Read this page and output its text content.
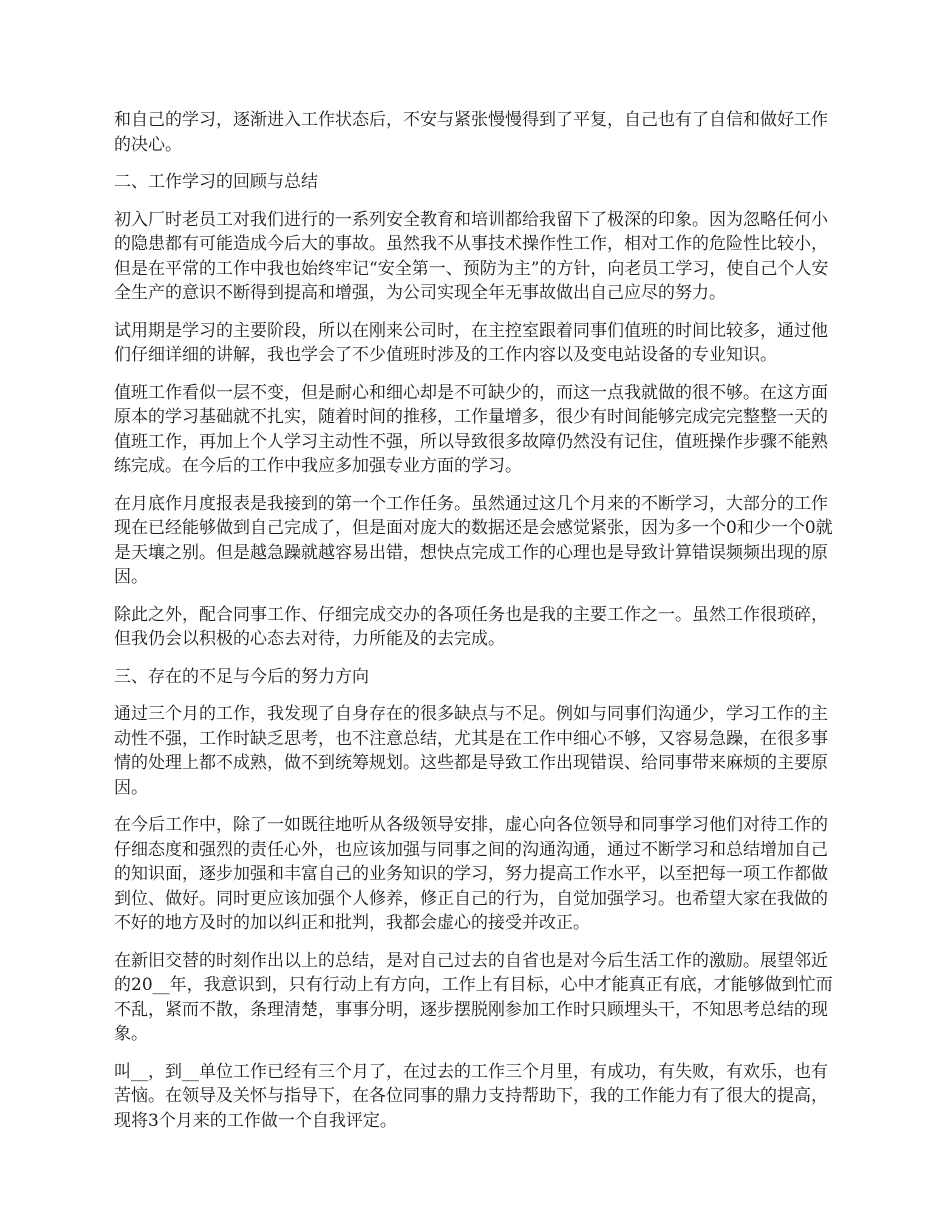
和自己的学习，逐渐进入工作状态后，不安与紧张慢慢得到了平复，自己也有了自信和做好工作的决心。

二、工作学习的回顾与总结

初入厂时老员工对我们进行的一系列安全教育和培训都给我留下了极深的印象。因为忽略任何小的隐患都有可能造成今后大的事故。虽然我不从事技术操作性工作，相对工作的危险性比较小，但是在平常的工作中我也始终牢记“安全第一、预防为主”的方针，向老员工学习，使自己个人安全生产的意识不断得到提高和增强，为公司实现全年无事故做出自己应尽的努力。

试用期是学习的主要阶段，所以在刚来公司时，在主控室跟着同事们值班的时间比较多，通过他们仔细详细的讲解，我也学会了不少值班时涉及的工作内容以及变电站设备的专业知识。

值班工作看似一层不变，但是耐心和细心却是不可缺少的，而这一点我就做的很不够。在这方面原本的学习基础就不扎实，随着时间的推移，工作量增多，很少有时间能够完成完完整整一天的值班工作，再加上个人学习主动性不强，所以导致很多故障仍然没有记住，值班操作步骤不能熟练完成。在今后的工作中我应多加强专业方面的学习。

在月底作月度报表是我接到的第一个工作任务。虽然通过这几个月来的不断学习，大部分的工作现在已经能够做到自己完成了，但是面对庞大的数据还是会感觉紧张，因为多一个0和少一个0就是天壤之别。但是越急躁就越容易出错，想快点完成工作的心理也是导致计算错误频频出现的原因。

除此之外，配合同事工作、仔细完成交办的各项任务也是我的主要工作之一。虽然工作很琐碎，但我仍会以积极的心态去对待，力所能及的去完成。

三、存在的不足与今后的努力方向

通过三个月的工作，我发现了自身存在的很多缺点与不足。例如与同事们沟通少，学习工作的主动性不强，工作时缺乏思考，也不注意总结，尤其是在工作中细心不够，又容易急躁，在很多事情的处理上都不成熟，做不到统筹规划。这些都是导致工作出现错误、给同事带来麻烦的主要原因。

在今后工作中，除了一如既往地听从各级领导安排，虚心向各位领导和同事学习他们对待工作的仔细态度和强烈的责任心外，也应该加强与同事之间的沟通沟通，通过不断学习和总结增加自己的知识面，逐步加强和丰富自己的业务知识的学习，努力提高工作水平，以至把每一项工作都做到位、做好。同时更应该加强个人修养，修正自己的行为，自觉加强学习。也希望大家在我做的不好的地方及时的加以纠正和批判，我都会虚心的接受并改正。

在新旧交替的时刻作出以上的总结，是对自己过去的自省也是对今后生活工作的激励。展望邻近的20__年，我意识到，只有行动上有方向，工作上有目标，心中才能真正有底，才能够做到忙而不乱，紧而不散，条理清楚，事事分明，逐步摆脱刚参加工作时只顾埋头干，不知思考总结的现象。

叫__，到__单位工作已经有三个月了，在过去的工作三个月里，有成功，有失败，有欢乐，也有苦恼。在领导及关怀与指导下，在各位同事的鼎力支持帮助下，我的工作能力有了很大的提高，现将3个月来的工作做一个自我评定。
